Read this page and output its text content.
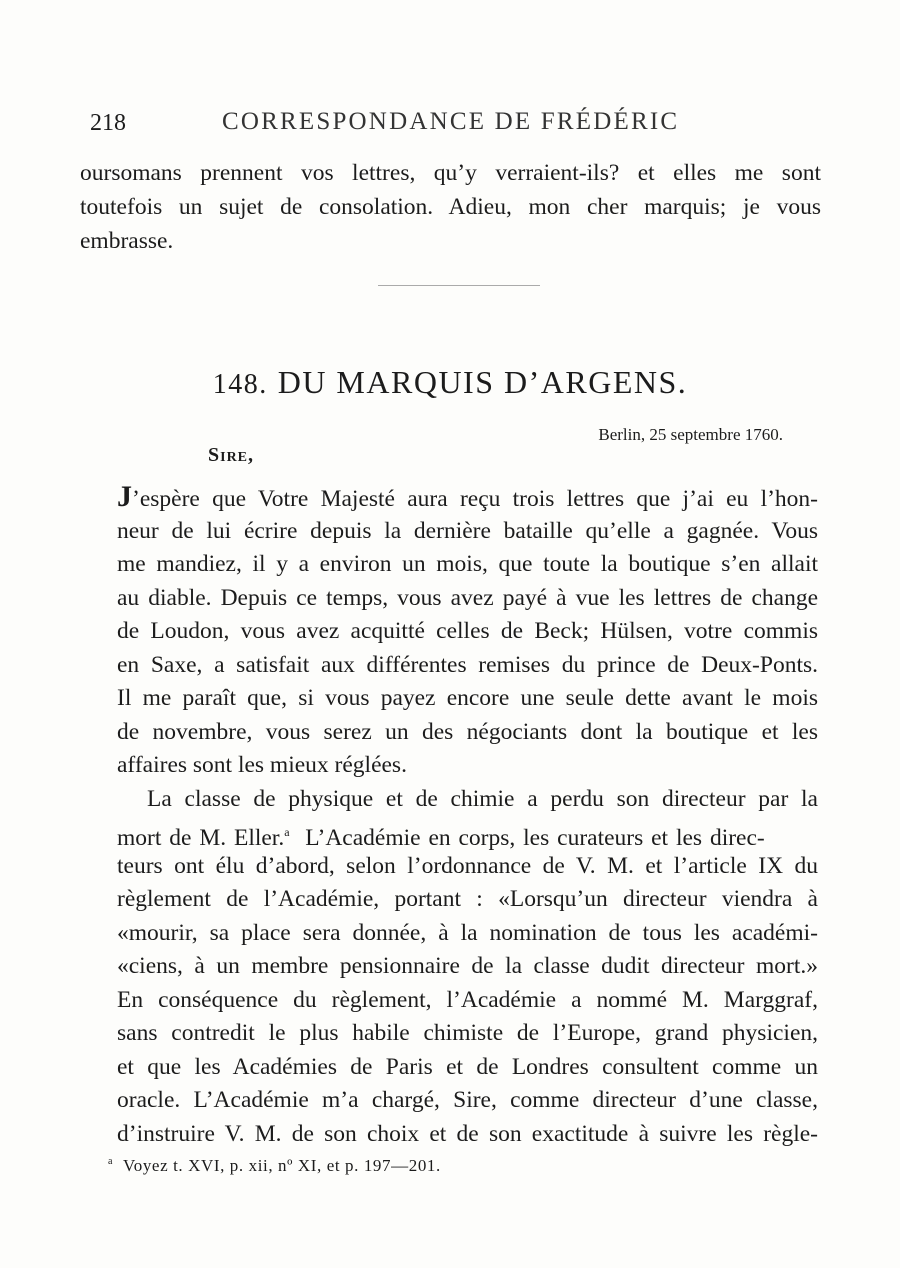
218	CORRESPONDANCE DE FRÉDÉRIC
oursomans prennent vos lettres, qu’y verraient-ils? et elles me sont
toutefois un sujet de consolation. Adieu, mon cher marquis; je vous
embrasse.
148. DU MARQUIS D’ARGENS.
Berlin, 25 septembre 1760.
Sire,
J’espère que Votre Majesté aura reçu trois lettres que j’ai eu l’hon-
neur de lui écrire depuis la dernière bataille qu’elle a gagnée. Vous
me mandiez, il y a environ un mois, que toute la boutique s’en allait
au diable. Depuis ce temps, vous avez payé à vue les lettres de change
de Loudon, vous avez acquitté celles de Beck; Hülsen, votre commis
en Saxe, a satisfait aux différentes remises du prince de Deux-Ponts.
Il me paraît que, si vous payez encore une seule dette avant le mois
de novembre, vous serez un des négociants dont la boutique et les
affaires sont les mieux réglées.
La classe de physique et de chimie a perdu son directeur par la
mort de M. Eller.$^a$ L’Académie en corps, les curateurs et les direc-
teurs ont élu d’abord, selon l’ordonnance de V. M. et l’article IX du
règlement de l’Académie, portant : «Lorsqu’un directeur viendra à
«mourir, sa place sera donnée, à la nomination de tous les académi-
«ciens, à un membre pensionnaire de la classe dudit directeur mort.»
En conséquence du règlement, l’Académie a nommé M. Marggraf,
sans contredit le plus habile chimiste de l’Europe, grand physicien,
et que les Académies de Paris et de Londres consultent comme un
oracle. L’Académie m’a chargé, Sire, comme directeur d’une classe,
d’instruire V. M. de son choix et de son exactitude à suivre les règle-
$^a$ Voyez t. XVI, p. xii, nº XI, et p. 197—201.
